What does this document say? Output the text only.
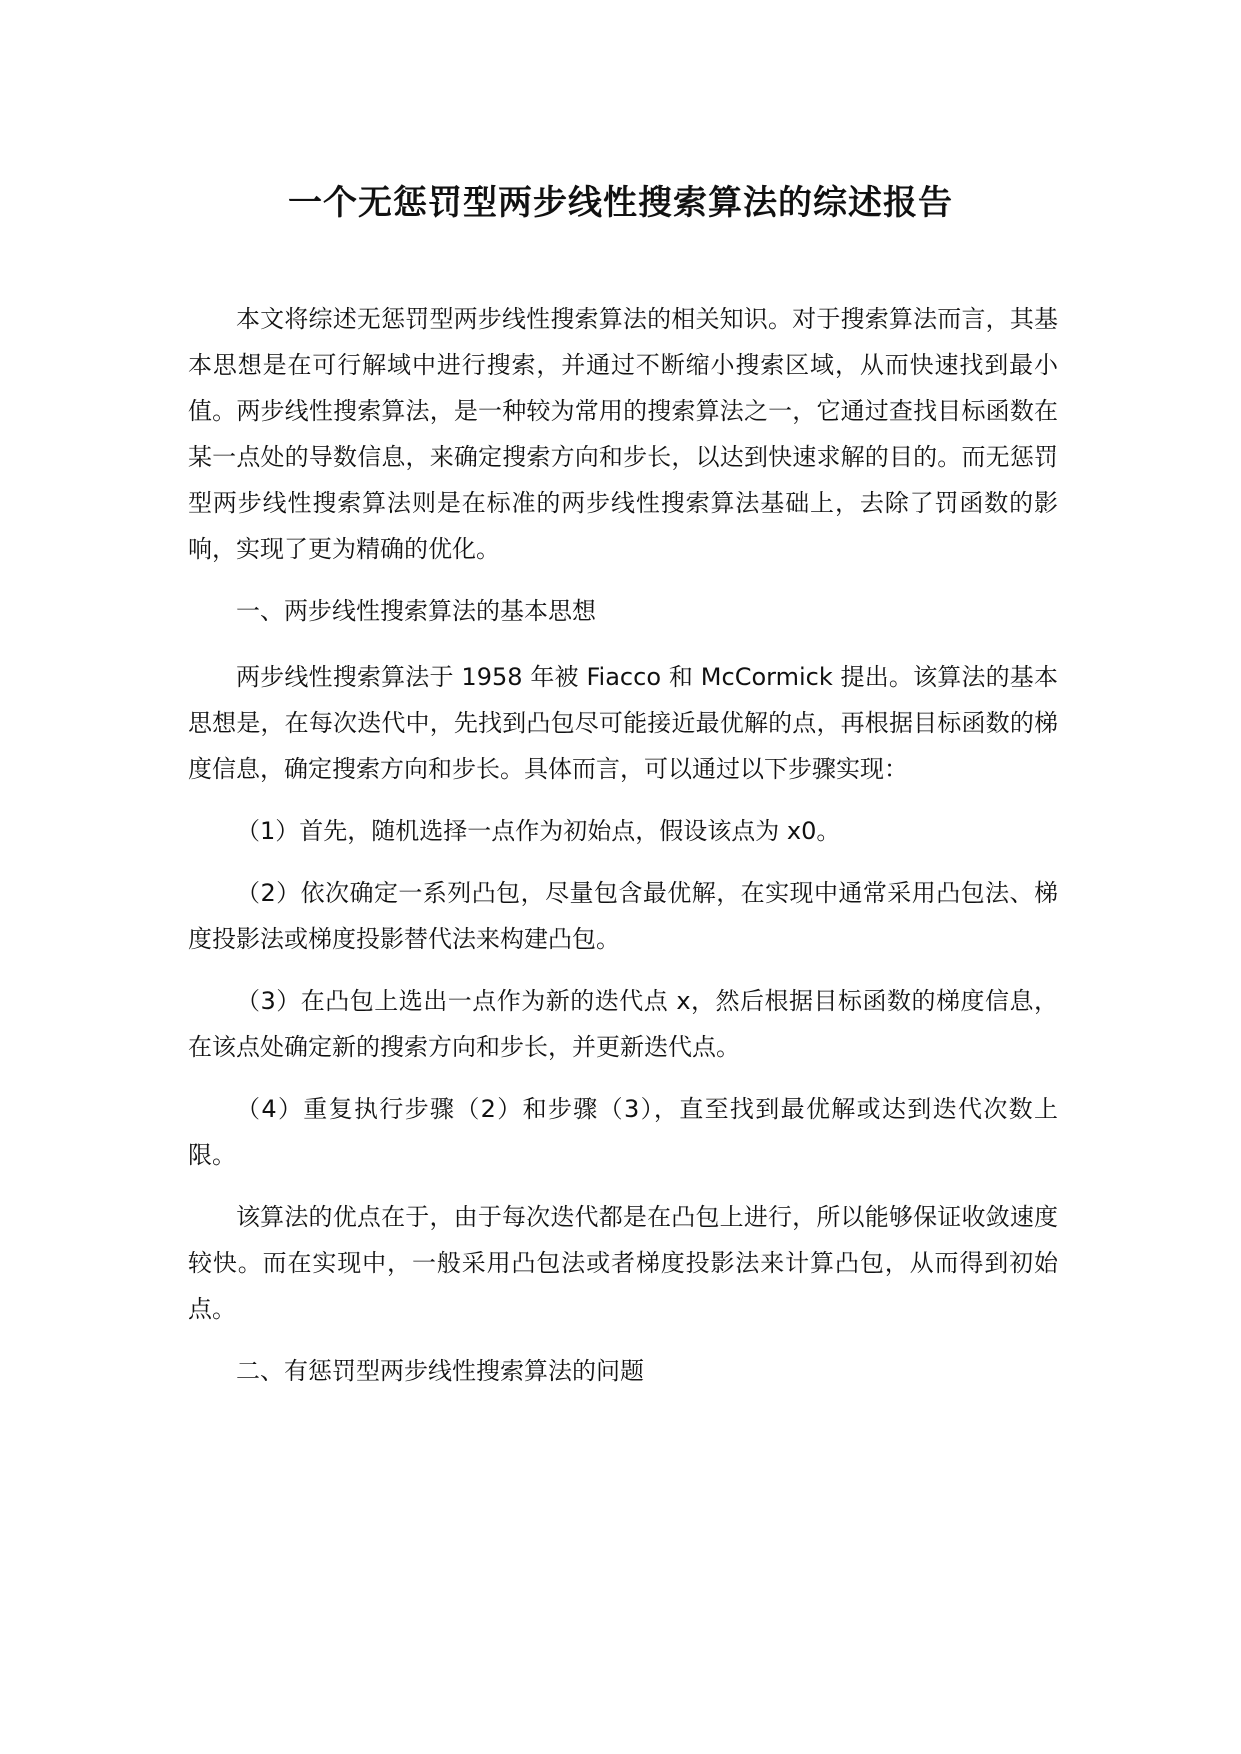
一个无惩罚型两步线性搜索算法的综述报告

本文将综述无惩罚型两步线性搜索算法的相关知识。对于搜索算法而言，其基本思想是在可行解域中进行搜索，并通过不断缩小搜索区域，从而快速找到最小值。两步线性搜索算法，是一种较为常用的搜索算法之一，它通过查找目标函数在某一点处的导数信息，来确定搜索方向和步长，以达到快速求解的目的。而无惩罚型两步线性搜索算法则是在标准的两步线性搜索算法基础上，去除了罚函数的影响，实现了更为精确的优化。

一、两步线性搜索算法的基本思想

两步线性搜索算法于 1958 年被 Fiacco 和 McCormick 提出。该算法的基本思想是，在每次迭代中，先找到凸包尽可能接近最优解的点，再根据目标函数的梯度信息，确定搜索方向和步长。具体而言，可以通过以下步骤实现：

（1）首先，随机选择一点作为初始点，假设该点为 x0。

（2）依次确定一系列凸包，尽量包含最优解，在实现中通常采用凸包法、梯度投影法或梯度投影替代法来构建凸包。

（3）在凸包上选出一点作为新的迭代点 x，然后根据目标函数的梯度信息，在该点处确定新的搜索方向和步长，并更新迭代点。

（4）重复执行步骤（2）和步骤（3），直至找到最优解或达到迭代次数上限。

该算法的优点在于，由于每次迭代都是在凸包上进行，所以能够保证收敛速度较快。而在实现中，一般采用凸包法或者梯度投影法来计算凸包，从而得到初始点。

二、有惩罚型两步线性搜索算法的问题
